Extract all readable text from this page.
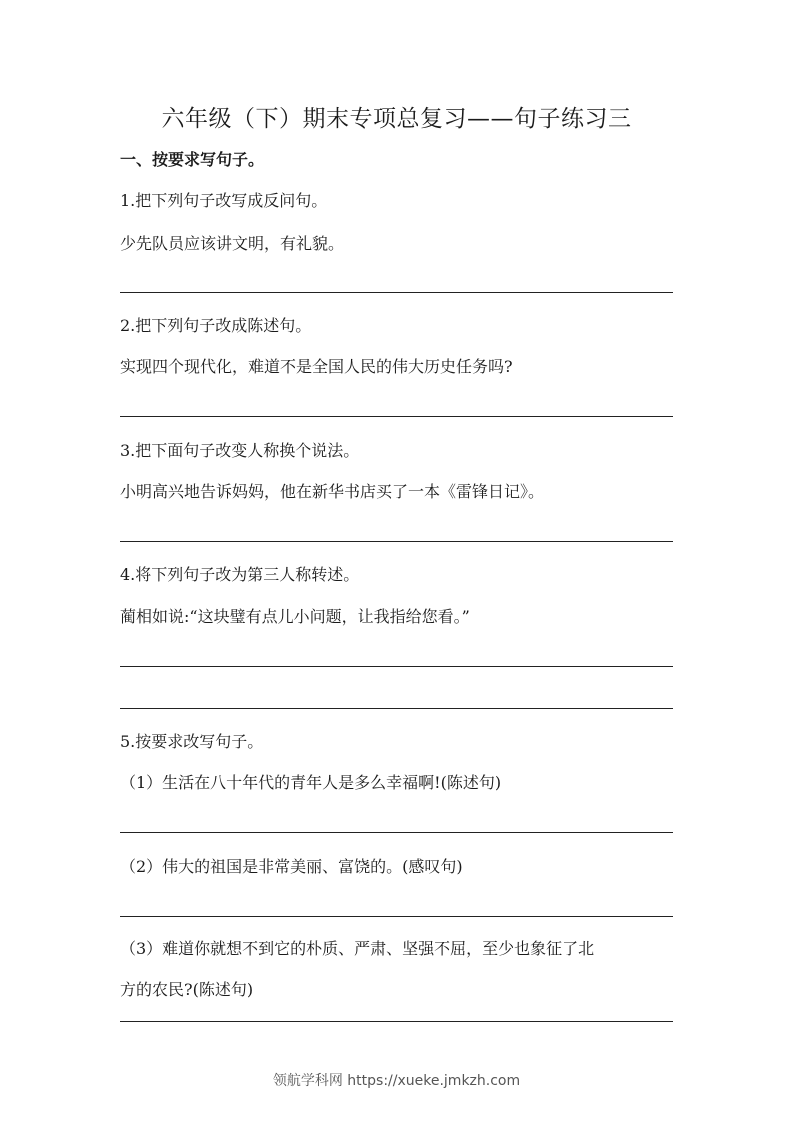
六年级（下）期末专项总复习——句子练习三
一、按要求写句子。
1.把下列句子改写成反问句。
少先队员应该讲文明，有礼貌。
2.把下列句子改成陈述句。
实现四个现代化，难道不是全国人民的伟大历史任务吗?
3.把下面句子改变人称换个说法。
小明高兴地告诉妈妈，他在新华书店买了一本《雷锋日记》。
4.将下列句子改为第三人称转述。
蔺相如说:“这块璧有点儿小问题，让我指给您看。”
5.按要求改写句子。
（1）生活在八十年代的青年人是多么幸福啊!(陈述句)
（2）伟大的祖国是非常美丽、富饶的。(感叹句)
（3）难道你就想不到它的朴质、严肃、坚强不屈，至少也象征了北
方的农民?(陈述句)
领航学科网 https://xueke.jmkzh.com
